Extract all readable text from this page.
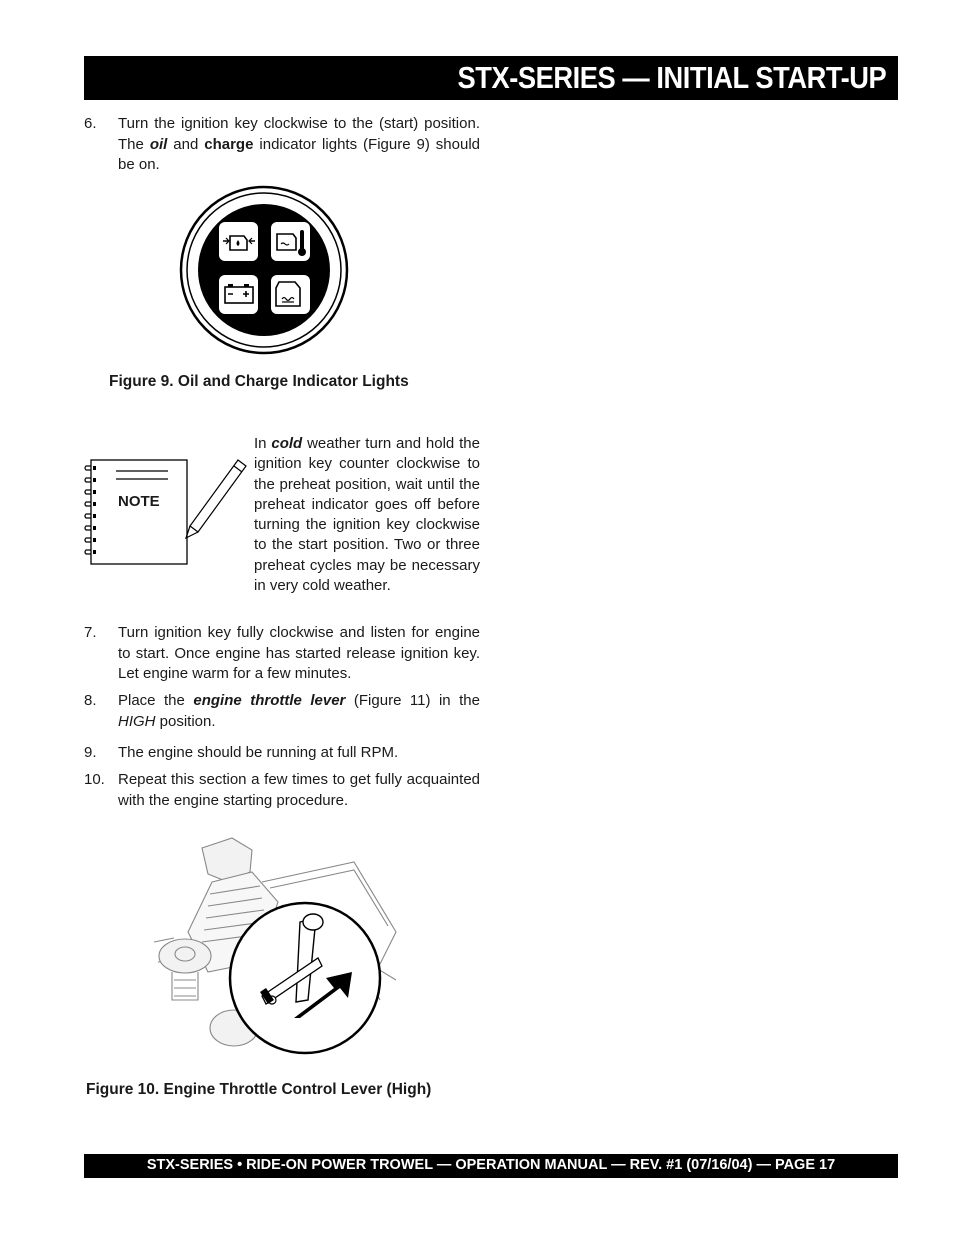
STX-SERIES — INITIAL START-UP
6. Turn the ignition key clockwise to the (start) position. The oil and charge indicator lights (Figure 9) should be on.
Figure 9. Oil and Charge Indicator Lights
NOTE
In cold weather turn and hold the ignition key counter clockwise to the preheat position, wait until the preheat indicator goes off before turning the ignition key clockwise to the start position. Two or three preheat cycles may be necessary in very cold weather.
7. Turn ignition key fully clockwise and listen for engine to start. Once engine has started release ignition key. Let engine warm for a few minutes.
8. Place the engine throttle lever (Figure 11) in the HIGH position.
9. The engine should be running at full RPM.
10. Repeat this section a few times to get fully acquainted with the engine starting procedure.
Figure 10. Engine Throttle Control Lever (High)
STX-SERIES • RIDE-ON POWER TROWEL — OPERATION MANUAL — REV. #1 (07/16/04) — PAGE 17
